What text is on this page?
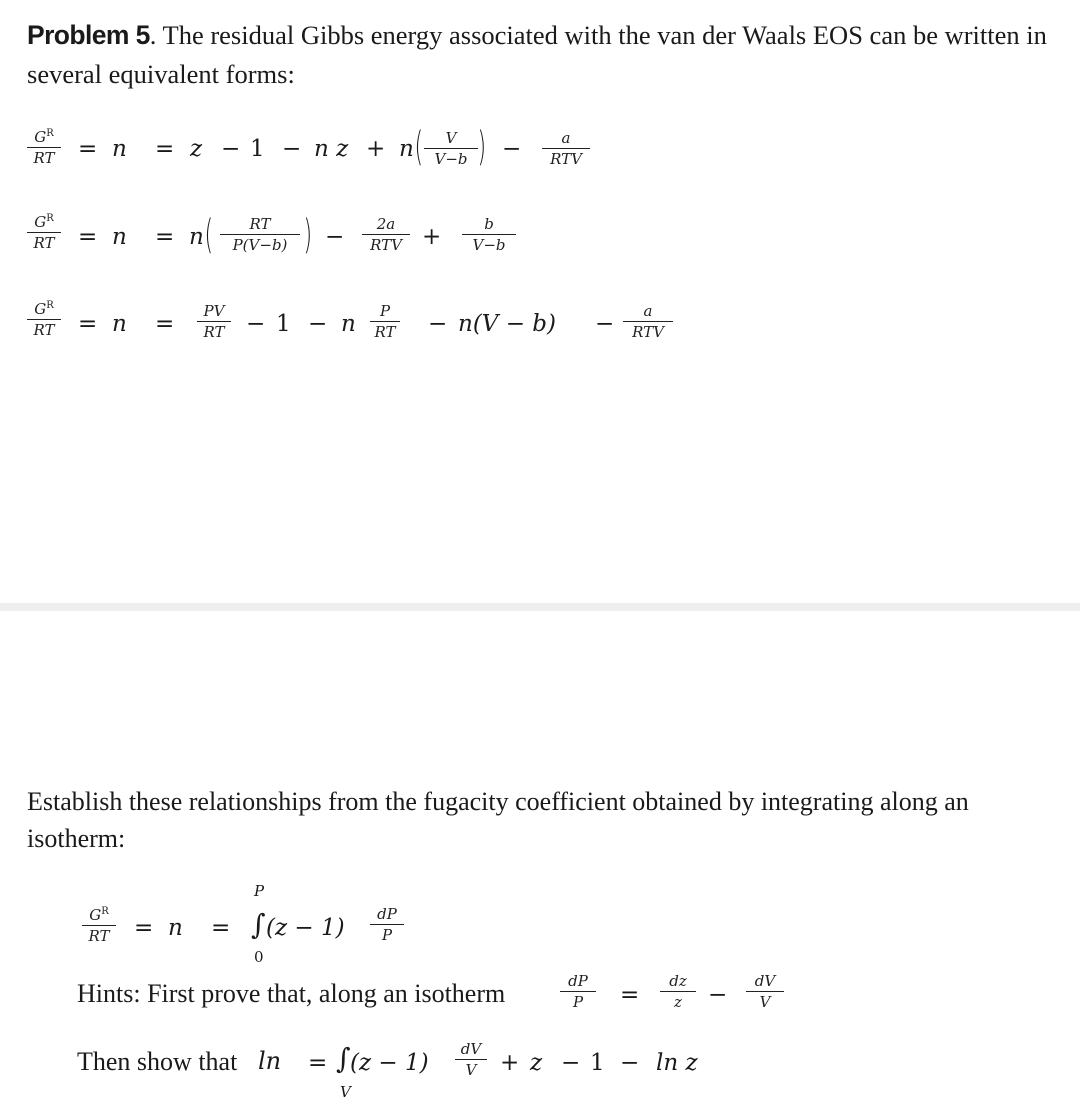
Problem 5. The residual Gibbs energy associated with the van der Waals EOS can be written in several equivalent forms:
$G^R$
RT = n = z − 1 − n z + n ( V
V−b ) −	a
RTV
$G^R$
RT = n = n ( RT
P(V−b) ) − 2a
RTV +	b
V−b
$G^R$
RT = n = PV
RT − 1 − n P
RT − n(V − b) − a
RTV
Establish these relationships from the fugacity coefficient obtained by integrating along an isotherm:
$G^R$
RT = n =
P
∫
0
(z − 1)
dP
P
Hints: First prove that, along an isotherm	dP
P =
dz
z −
dV
V
Then show that ln = ∫
V
(z − 1)
dV
V + z − 1 − ln z
